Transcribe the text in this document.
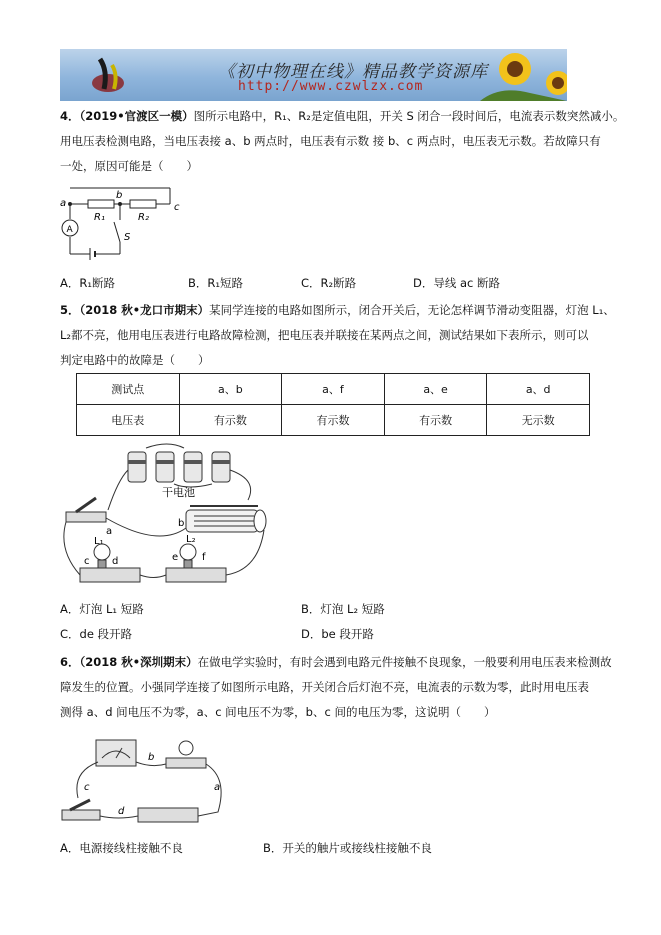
《初中物理在线》精品教学资源库
http://www.czwlzx.com
4．（2019•官渡区一模）图所示电路中，R₁、R₂是定值电阻，开关 S 闭合一段时间后，电流表示数突然减小。
用电压表检测电路，当电压表接 a、b 两点时，电压表有示数 接 b、c 两点时，电压表无示数。若故障只有
一处，原因可能是（　　）
a
b
c
R₁	R₂
S
A
A．R₁断路	B．R₁短路	C．R₂断路	D．导线 ac 断路
5．（2018 秋•龙口市期末）某同学连接的电路如图所示，闭合开关后，无论怎样调节滑动变阻器，灯泡 L₁、
L₂都不亮，他用电压表进行电路故障检测，把电压表并联接在某两点之间，测试结果如下表所示，则可以
判定电路中的故障是（　　）
测试点	a、b	a、f	a、e	a、d
电压表	有示数	有示数	有示数	无示数
干电池
a
b
c d	e f
L₁	L₂
A．灯泡 L₁ 短路	B．灯泡 L₂ 短路
C．de 段开路	D．be 段开路
6．（2018 秋•深圳期末）在做电学实验时，有时会遇到电路元件接触不良现象，一般要利用电压表来检测故
障发生的位置。小强同学连接了如图所示电路，开关闭合后灯泡不亮，电流表的示数为零，此时用电压表
测得 a、d 间电压不为零，a、c 间电压不为零，b、c 间的电压为零，这说明（　　）
b
a
c
d
A．电源接线柱接触不良	B．开关的触片或接线柱接触不良
